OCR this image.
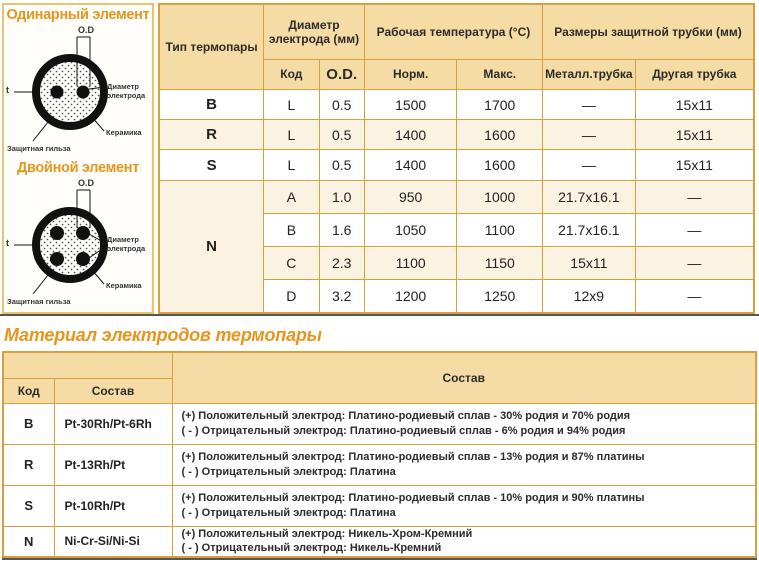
Одинарный элемент
O.D
t	Диаметр электрода
Керамика
Защитная гильза
Двойной элемент
O.D
t	Диаметр электрода
Керамика
Защитная гильза
Тип термопары	Диаметр электрода (мм)		Рабочая температура (°C)		Размеры защитной трубки (мм)	
	Код	O.D.	Норм.	Макс.	Металл.трубка	Другая трубка
B	L	0.5	1500	1700	—	15x11
R	L	0.5	1400	1600	—	15x11
S	L	0.5	1400	1600	—	15x11
N	A	1.0	950	1000	21.7x16.1	—
	B	1.6	1050	1100	21.7x16.1	—
	C	2.3	1100	1150	15x11	—
	D	3.2	1200	1250	12x9	—
Материал электродов термопары
		Состав
Код	Состав	
B	Pt-30Rh/Pt-6Rh	(+) Положительный электрод: Платино-родиевый сплав - 30% родия и 70% родия
( - ) Отрицательный электрод: Платино-родиевый сплав - 6% родия и 94% родия

R	Pt-13Rh/Pt	(+) Положительный электрод: Платино-родиевый сплав - 13% родия и 87% платины
( - ) Отрицательный электрод: Платина

S	Pt-10Rh/Pt	(+) Положительный электрод: Платино-родиевый сплав - 10% родия и 90% платины
( - ) Отрицательный электрод: Платина

N	Ni-Cr-Si/Ni-Si	(+) Положительный электрод: Никель-Хром-Кремний
( - ) Отрицательный электрод: Никель-Кремний
